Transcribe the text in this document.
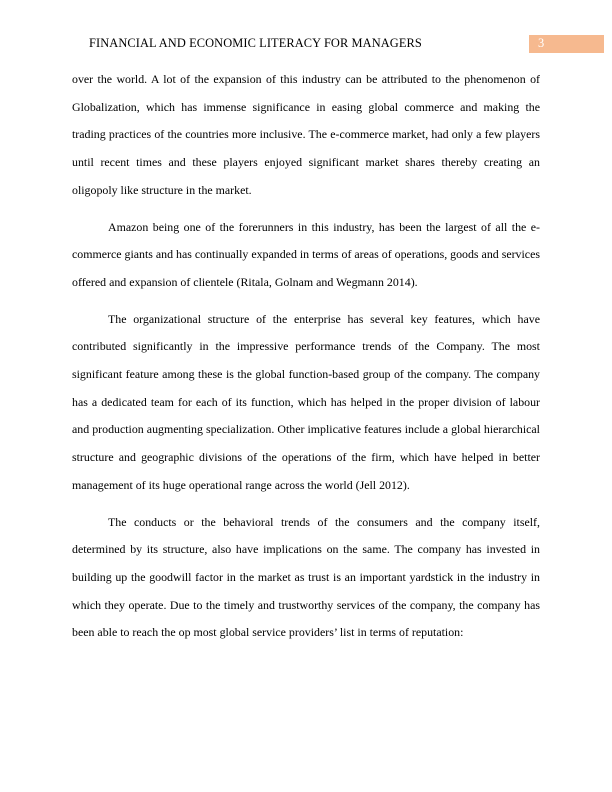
FINANCIAL AND ECONOMIC LITERACY FOR MANAGERS	3

over the world. A lot of the expansion of this industry can be attributed to the phenomenon of Globalization, which has immense significance in easing global commerce and making the trading practices of the countries more inclusive. The e-commerce market, had only a few players until recent times and these players enjoyed significant market shares thereby creating an oligopoly like structure in the market.

Amazon being one of the forerunners in this industry, has been the largest of all the e-commerce giants and has continually expanded in terms of areas of operations, goods and services offered and expansion of clientele (Ritala, Golnam and Wegmann 2014).

The organizational structure of the enterprise has several key features, which have contributed significantly in the impressive performance trends of the Company. The most significant feature among these is the global function-based group of the company. The company has a dedicated team for each of its function, which has helped in the proper division of labour and production augmenting specialization. Other implicative features include a global hierarchical structure and geographic divisions of the operations of the firm, which have helped in better management of its huge operational range across the world (Jell 2012).

The conducts or the behavioral trends of the consumers and the company itself, determined by its structure, also have implications on the same. The company has invested in building up the goodwill factor in the market as trust is an important yardstick in the industry in which they operate. Due to the timely and trustworthy services of the company, the company has been able to reach the op most global service providers’ list in terms of reputation:
